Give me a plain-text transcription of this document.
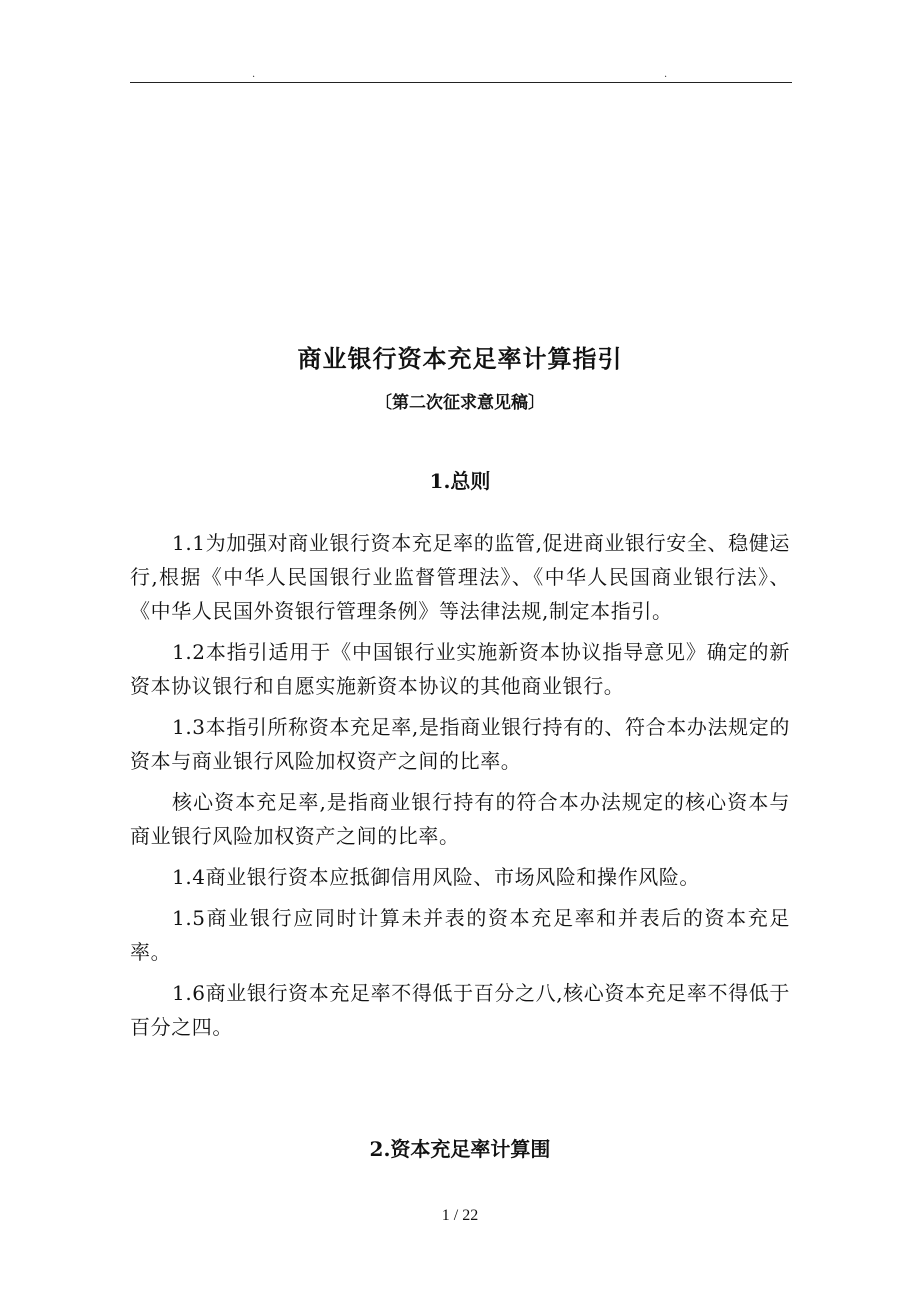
.	.
商业银行资本充足率计算指引
〔第二次征求意见稿〕
1.总则

1.1为加强对商业银行资本充足率的监管,促进商业银行安全、稳健运行,根据《中华人民国银行业监督管理法》、《中华人民国商业银行法》、《中华人民国外资银行管理条例》等法律法规,制定本指引。

1.2本指引适用于《中国银行业实施新资本协议指导意见》确定的新资本协议银行和自愿实施新资本协议的其他商业银行。

1.3本指引所称资本充足率,是指商业银行持有的、符合本办法规定的资本与商业银行风险加权资产之间的比率。

核心资本充足率,是指商业银行持有的符合本办法规定的核心资本与商业银行风险加权资产之间的比率。

1.4商业银行资本应抵御信用风险、市场风险和操作风险。

1.5商业银行应同时计算未并表的资本充足率和并表后的资本充足率。

1.6商业银行资本充足率不得低于百分之八,核心资本充足率不得低于百分之四。

2.资本充足率计算围
1 / 22
